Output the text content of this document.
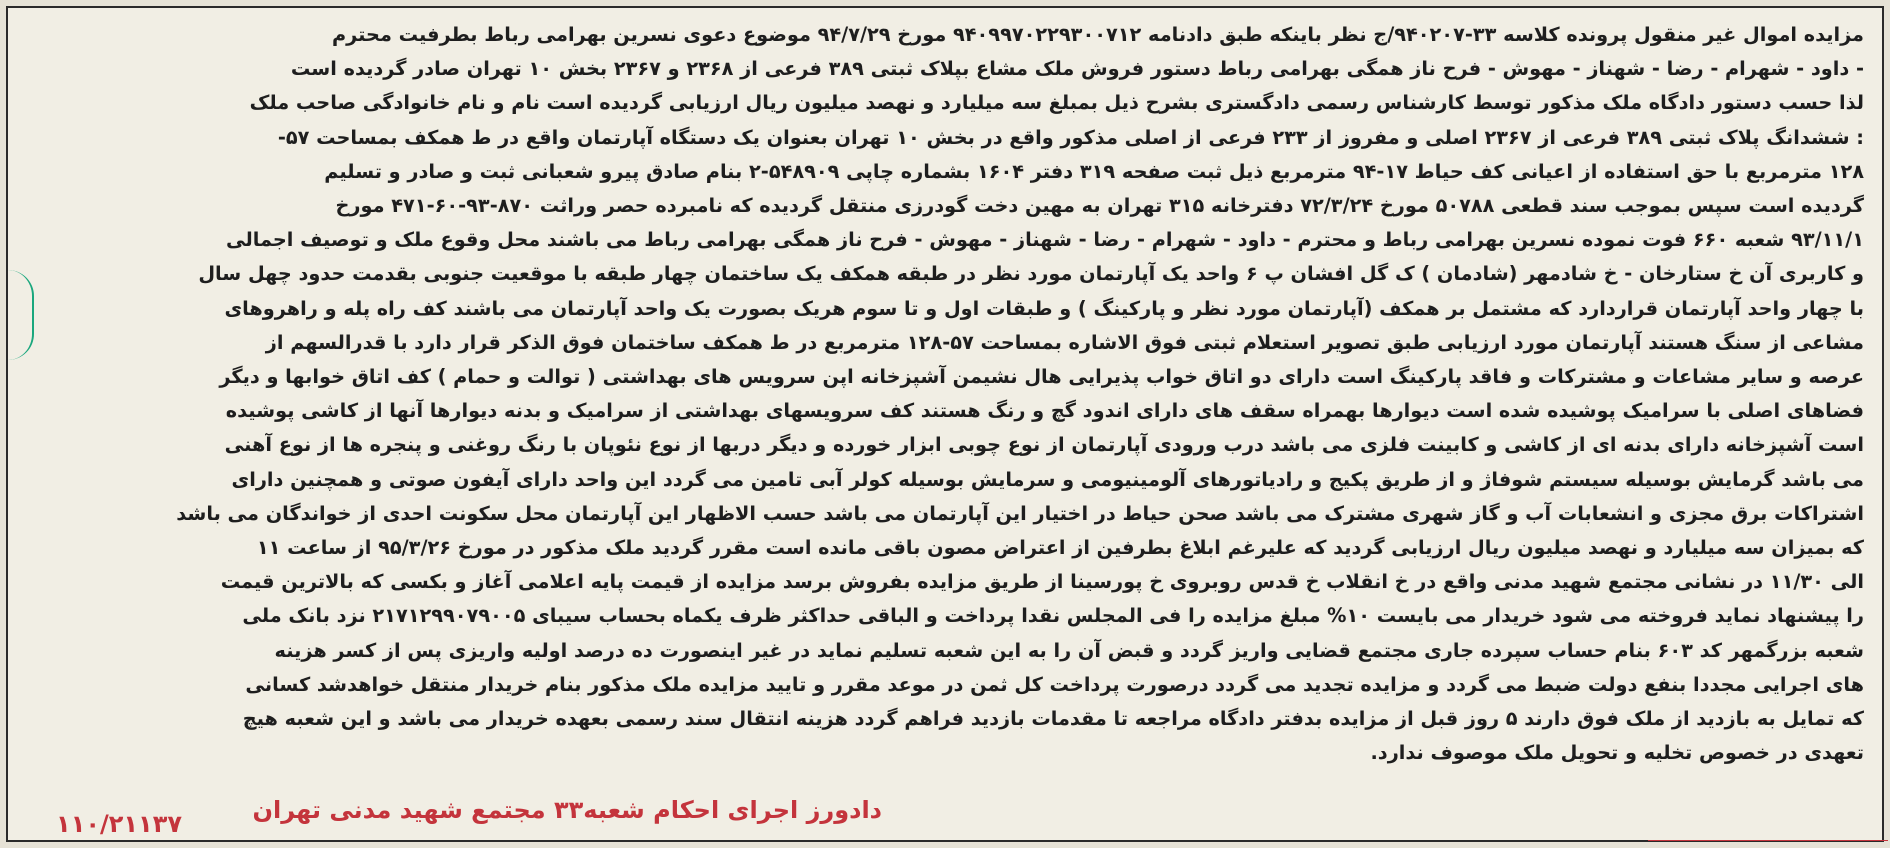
مزایده اموال غیر منقول پرونده کلاسه ۳۳-۹۴۰۲۰۷/ج نظر باینکه طبق دادنامه ۹۴۰۹۹۷۰۲۲۹۳۰۰۷۱۲ مورخ ۹۴/۷/۲۹ موضوع دعوی نسرین بهرامی رباط بطرفیت محترم
- داود - شهرام - رضا - شهناز - مهوش - فرح ناز همگی بهرامی رباط دستور فروش ملک مشاع بپلاک ثبتی ۳۸۹ فرعی از ۲۳۶۸ و ۲۳۶۷ بخش ۱۰ تهران صادر گردیده است
لذا حسب دستور دادگاه ملک مذکور توسط کارشناس رسمی دادگستری بشرح ذیل بمبلغ سه میلیارد و نهصد میلیون ریال ارزیابی گردیده است نام و نام خانوادگی صاحب ملک
: ششدانگ پلاک ثبتی ۳۸۹ فرعی از ۲۳۶۷ اصلی و مفروز از ۲۳۳ فرعی از اصلی مذکور واقع در بخش ۱۰ تهران بعنوان یک دستگاه آپارتمان واقع در ط همکف بمساحت ۵۷-
۱۲۸ مترمربع با حق استفاده از اعیانی کف حیاط ۱۷-۹۴ مترمربع ذیل ثبت صفحه ۳۱۹ دفتر ۱۶۰۴ بشماره چاپی ۵۴۸۹۰۹-۲ بنام صادق پیرو شعبانی ثبت و صادر و تسلیم
گردیده است سپس بموجب سند قطعی ۵۰۷۸۸ مورخ ۷۲/۳/۲۴ دفترخانه ۳۱۵ تهران به مهین دخت گودرزی منتقل گردیده که نامبرده حصر وراثت ۸۷۰-۹۳-۶۰-۴۷۱ مورخ
۹۳/۱۱/۱ شعبه ۶۶۰ فوت نموده نسرین بهرامی رباط و محترم - داود - شهرام - رضا - شهناز - مهوش - فرح ناز همگی بهرامی رباط می باشند محل وقوع ملک و توصیف اجمالی
و کاربری آن خ ستارخان - خ شادمهر (شادمان ) ک گل افشان پ ۶ واحد یک آپارتمان مورد نظر در طبقه همکف یک ساختمان چهار طبقه با موقعیت جنوبی بقدمت حدود چهل سال
با چهار واحد آپارتمان قراردارد که مشتمل بر همکف (آپارتمان مورد نظر و پارکینگ ) و طبقات اول و تا سوم هریک بصورت یک واحد آپارتمان می باشند کف راه پله و راهروهای
مشاعی از سنگ هستند آپارتمان مورد ارزیابی طبق تصویر استعلام ثبتی فوق الاشاره بمساحت ۵۷-۱۲۸ مترمربع در ط همکف ساختمان فوق الذکر قرار دارد با قدرالسهم از
عرصه و سایر مشاعات و مشترکات و فاقد پارکینگ است دارای دو اتاق خواب پذیرایی هال نشیمن آشپزخانه اپن سرویس های بهداشتی ( توالت و حمام ) کف اتاق خوابها و دیگر
فضاهای اصلی با سرامیک پوشیده شده است دیوارها بهمراه سقف های دارای اندود گچ و رنگ هستند کف سرویسهای بهداشتی از سرامیک و بدنه دیوارها آنها از کاشی پوشیده
است آشپزخانه دارای بدنه ای از کاشی و کابینت فلزی می باشد درب ورودی آپارتمان از نوع چوبی ابزار خورده و دیگر دربها از نوع نئوپان با رنگ روغنی و پنجره ها از نوع آهنی
می باشد گرمایش بوسیله سیستم شوفاژ و از طریق پکیج و رادیاتورهای آلومینیومی و سرمایش بوسیله کولر آبی تامین می گردد این واحد دارای آیفون صوتی و همچنین دارای
اشتراکات برق مجزی و انشعابات آب و گاز شهری مشترک می باشد صحن حیاط در اختیار این آپارتمان می باشد حسب الاظهار این آپارتمان محل سکونت احدی از خواندگان می باشد
که بمیزان سه میلیارد و نهصد میلیون ریال ارزیابی گردید که علیرغم ابلاغ بطرفین از اعتراض مصون باقی مانده است مقرر گردید ملک مذکور در مورخ ۹۵/۳/۲۶ از ساعت ۱۱
الی ۱۱/۳۰ در نشانی مجتمع شهید مدنی واقع در خ انقلاب خ قدس روبروی خ پورسینا از طریق مزایده بفروش برسد مزایده از قیمت پایه اعلامی آغاز و بکسی که بالاترین قیمت
را پیشنهاد نماید فروخته می شود خریدار می بایست ۱۰% مبلغ مزایده را فی المجلس نقدا پرداخت و الباقی حداکثر ظرف یکماه بحساب سیبای ۲۱۷۱۲۹۹۰۷۹۰۰۵ نزد بانک ملی
شعبه بزرگمهر کد ۶۰۳ بنام حساب سپرده جاری مجتمع قضایی واریز گردد و قبض آن را به این شعبه تسلیم نماید در غیر اینصورت ده درصد اولیه واریزی پس از کسر هزینه
های اجرایی مجددا بنفع دولت ضبط می گردد و مزایده تجدید می گردد درصورت پرداخت کل ثمن در موعد مقرر و تایید مزایده ملک مذکور بنام خریدار منتقل خواهدشد کسانی
که تمایل به بازدید از ملک فوق دارند ۵ روز قبل از مزایده بدفتر دادگاه مراجعه تا مقدمات بازدید فراهم گردد هزینه انتقال سند رسمی بعهده خریدار می باشد و این شعبه هیچ
تعهدی در خصوص تخلیه و تحویل ملک موصوف ندارد.
دادورز اجرای احکام شعبه۳۳ مجتمع شهید مدنی تهران
۱۱۰/۲۱۱۳۷
